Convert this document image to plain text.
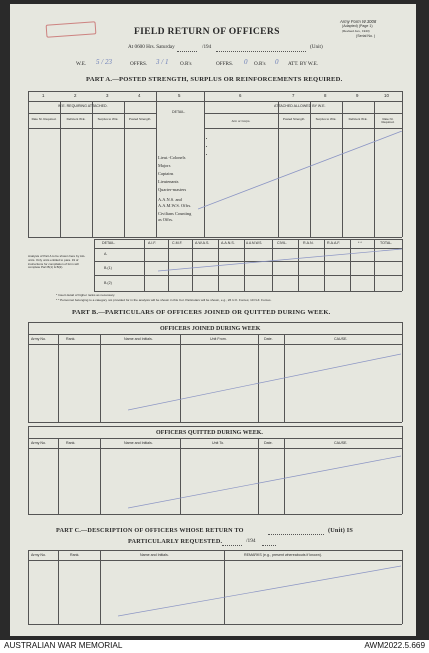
Army Form W.3008
(Adapted) (Page 1)
(Revised Jan., 1943)
(Serial No. )
FIELD RETURN OF OFFICERS
At 0600 Hrs. Saturday	/194	(Unit)
W.E. 5 / 23	OFFRS. 3 / 1 O.R's	OFFRS. 0 O.R's 0 ATT. BY W.E.
PART A.—POSTED STRENGTH, SURPLUS OR REINFORCEMENTS REQUIRED.
1	2	3	4	5	6	7	8	9	10
W.E. REQUIRING ATTACHED.	ATTACHED ALLOWED BY W.E.
DETAIL.
Rate Nr. Required.	Deficient W.E.	Surplus to W.E.	Posted Strength.	Arm or Corps.	Posted Strength.	Surplus to W.E.	Deficient W.E.	Rate Nr. Required.
Lieut.-Colonels
Majors
Captains
Lieutenants
Quarter-masters
A.A.N.S. and
A.A.M.W.S. Offrs.
Civilians Counting
as Offrs.
DETAIL.	A.I.F.	C.M.F.	A.W.A.S.	A.A.N.S.	A.A.M.W.S.	CIVIL.	R.A.N.	R.A.A.F.	* *	TOTAL.
Analysis of Part A to be shown here by ALL units. Only units entitled to para. 19 of instructions for compilation of form will complete Part B(1) & B(2).
A.
B.(1)
B.(2)
* Insert detail of higher ranks as necessary.
* * Personnel belonging to a category not provided for in the analysis will be shown in this Col. Particulars will be shown, e.g., 26 U.K. Forces; 10 N.Z. Forces.
PART B.—PARTICULARS OF OFFICERS JOINED OR QUITTED DURING WEEK.
OFFICERS JOINED DURING WEEK
Army No.	Rank.	Name and Initials.	Unit From.	Date.	CAUSE.
OFFICERS QUITTED DURING WEEK.
Army No.	Rank.	Name and Initials.	Unit To.	Date.	CAUSE.
PART C.—DESCRIPTION OF OFFICERS WHOSE RETURN TO	(Unit) IS
PARTICULARLY REQUESTED.	/194
Army No.	Rank.	Name and Initials.	REMARKS (e.g., present whereabouts if known).
AUSTRALIAN WAR MEMORIAL	AWM2022.5.669
